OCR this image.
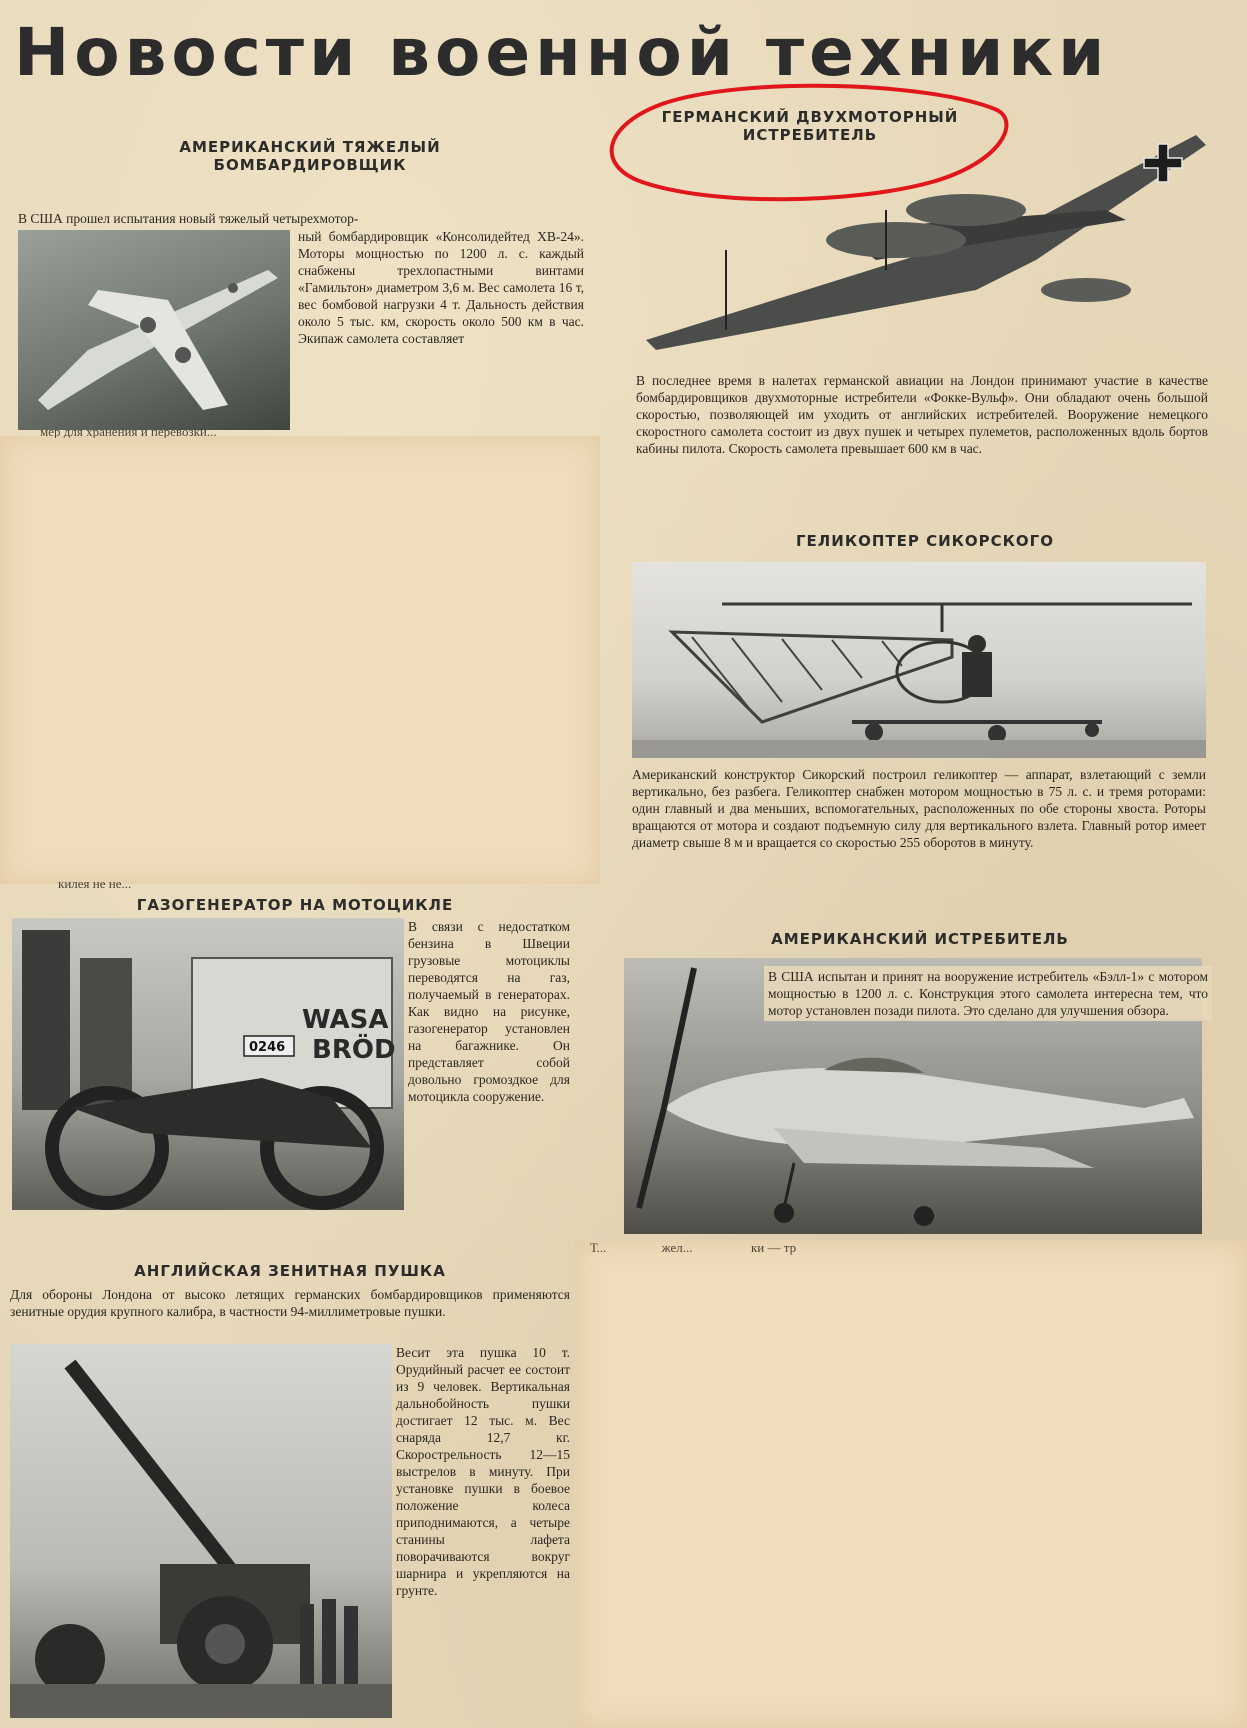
Новости военной техники
АМЕРИКАНСКИЙ ТЯЖЕЛЫЙ
БОМБАРДИРОВЩИК
В США прошел испытания новый тяжелый четырехмотор-
ный бомбардировщик «Консолидейтед ХВ-24». Моторы мощностью по 1200 л. с. каждый снабжены трехлопастными винтами «Гамильтон» диаметром 3,6 м. Вес самолета 16 т, вес бомбовой нагрузки 4 т. Дальность действия около 5 тыс. км, скорость около 500 км в час. Экипаж самолета составляет
мер для хранения и перевозки...
ГЕРМАНСКИЙ ДВУХМОТОРНЫЙ
ИСТРЕБИТЕЛЬ
В последнее время в налетах германской авиации на Лондон принимают участие в качестве бомбардировщиков двухмоторные истребители «Фокке-Вульф». Они обладают очень большой скоростью, позволяющей им уходить от английских истребителей. Вооружение немецкого скоростного самолета состоит из двух пушек и четырех пулеметов, расположенных вдоль бортов кабины пилота. Скорость самолета превышает 600 км в час.
ГЕЛИКОПТЕР СИКОРСКОГО
Американский конструктор Сикорский построил геликоптер — аппарат, взлетающий с земли вертикально, без разбега. Геликоптер снабжен мотором мощностью в 75 л. с. и тремя роторами: один главный и два меньших, вспомогательных, расположенных по обе стороны хвоста. Роторы вращаются от мотора и создают подъемную силу для вертикального взлета. Главный ротор имеет диаметр свыше 8 м и вращается со скоростью 255 оборотов в минуту.
килея не не...
ГАЗОГЕНЕРАТОР НА МОТОЦИКЛЕ
WASA
BRÖD
0246
В связи с недостатком бензина в Швеции грузовые мотоциклы переводятся на газ, получаемый в генераторах. Как видно на рисунке, газогенератор установлен на багажнике. Он представляет собой довольно громоздкое для мотоцикла сооружение.
АМЕРИКАНСКИЙ ИСТРЕБИТЕЛЬ
В США испытан и принят на вооружение истребитель «Бэлл-1» с мотором мощностью в 1200 л. с. Конструкция этого самолета интересна тем, что мотор установлен позади пилота. Это сделано для улучшения обзора.
Т...                 жел...                  ки — тр
АНГЛИЙСКАЯ ЗЕНИТНАЯ ПУШКА
Для обороны Лондона от высоко летящих германских бомбардировщиков применяются зенитные орудия крупного калибра, в частности 94-миллиметровые пушки.
Весит эта пушка 10 т. Орудийный расчет ее состоит из 9 человек. Вертикальная дальнобойность пушки достигает 12 тыс. м. Вес снаряда 12,7 кг. Скорострельность 12—15 выстрелов в минуту. При установке пушки в боевое положение колеса приподнимаются, а четыре станины лафета поворачиваются вокруг шарнира и укрепляются на грунте.
